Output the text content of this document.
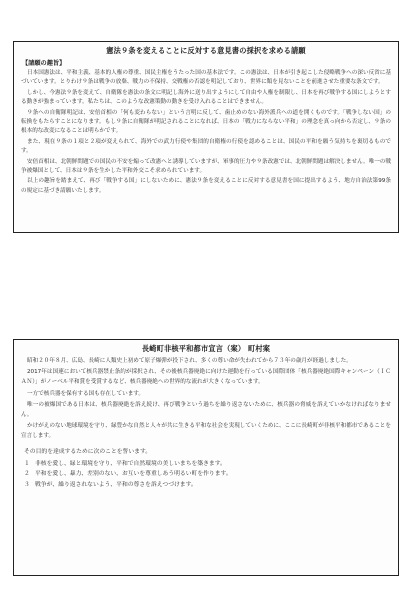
憲法９条を変えることに反対する意見書の採択を求める請願
【請願の趣旨】

日本国憲法は、平和主義、基本的人権の尊重、国民主権をうたった国の基本法です。この憲法は、日本が引き起こした侵略戦争への深い反省に基づいています。とりわけ９条は戦争の放棄、戦力の不保持、交戦権の否認を明記しており、世界に類を見ないことを前進させた重要な条文です。

しかし、今憲法９条を変えて、自衛隊を憲法の条文に明記し海外に送り出すようにして自由や人権を制限し、日本を再び戦争する国にしようとする動きが強まっています。私たちは、このような改憲策動の動きを受け入れることはできません。

９条への自衛隊明記は、安倍首相の「何も変わらない」という言明に反して、歯止めのない海外派兵への道を開くものです。「戦争しない国」の転換をもたらすことになります。もし９条に自衛隊が明記されることになれば、日本の「戦力にならない平和」の理念を真っ向から否定し、９条の根本的な改変になることは明らかです。

また、現在９条の１項と２項が変えられて、海外での武力行使や集団的自衛権の行使を認めることは、国民の平和を願う気持ちを裏切るものです。

安倍首相は、北朝鮮問題での国民の不安を煽って改憲へと誘導していますが、軍事的圧力や９条改憲では、北朝鮮問題は解決しません。唯一の戦争被爆国として、日本は９条を生かした平和外交こそ求められています。

以上の趣旨を踏まえて、再び「戦争する国」にしないために、憲法９条を変えることに反対する意見書を国に提出するよう、地方自治法第99条の規定に基づき請願いたします。

長崎町非核平和都市宣言（案） 町村案

昭和２０年８月、広島、長崎に人類史上初めて原子爆弾が投下され、多くの尊い命が失われてから７３年の歳月が経過しました。

2017年は国連において核兵器禁止条約が採択され、その後核兵器廃絶に向けた運動を行っている国際団体「核兵器廃絶国際キャンペーン（ＩＣＡＮ）」がノーベル平和賞を受賞するなど、核兵器廃絶への世界的な流れが大きくなっています。

一方で核兵器を保有する国も存在しています。

唯一の被爆国である日本は、核兵器廃絶を訴え続け、再び戦争という過ちを繰り返さないために、核兵器の脅威を訴えていかなければなりません。

かけがえのない地球環境を守り、緑豊かな自然と人々が共に生きる平和な社会を実現していくために、ここに長崎町が非核平和都市であることを宣言します。

その目的を達成するために次のことを誓います。
１ 非核を愛し、緑と環境を守り、平和で自然環境の美しいまちを築きます。
２ 平和を愛し、暴力、差別のない、お互いを尊重しあう明るい町を作ります。
３ 戦争が、繰り返されないよう、平和の尊さを訴えつづけます。
